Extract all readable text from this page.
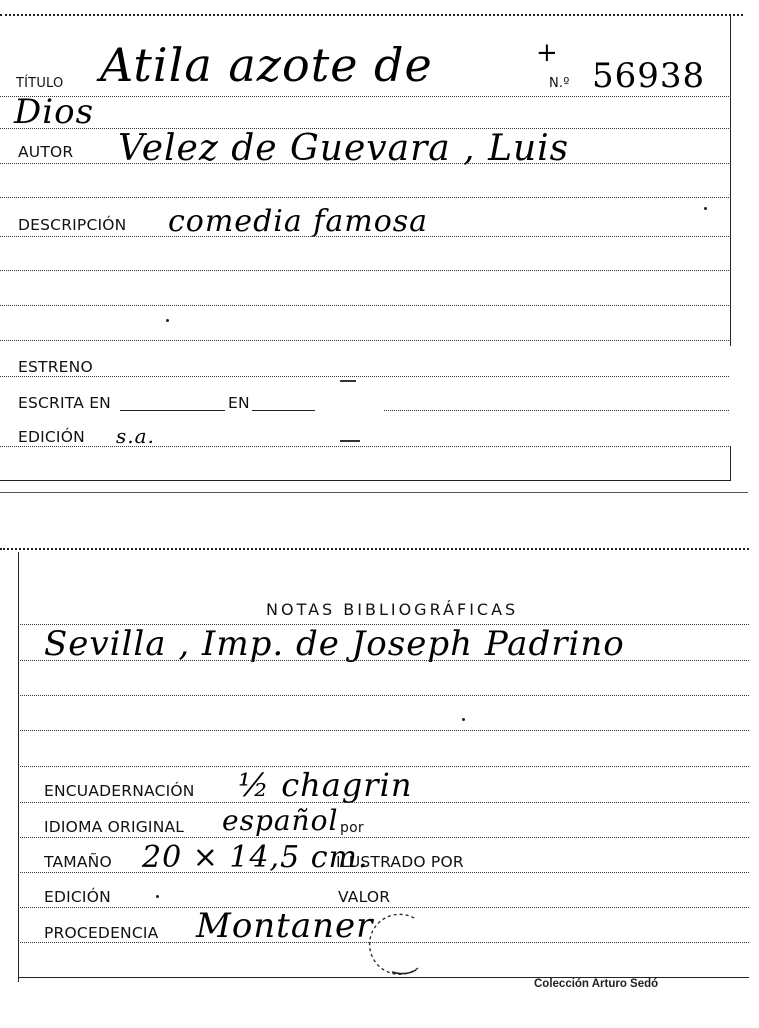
TÍTULO Atila azote de	+
N.º 56938
Dios
AUTOR Velez de Guevara , Luis
DESCRIPCIÓN comedia famosa
ESTRENO
ESCRITA EN	EN
EDICIÓN s.a.
NOTAS BIBLIOGRÁFICAS
Sevilla , Imp. de Joseph Padrino
ENCUADERNACIÓN ½ chagrin
IDIOMA ORIGINAL español por
TAMAÑO 20 × 14,5 cm.
ILUSTRADO POR
EDICIÓN	VALOR
PROCEDENCIA Montaner
Colección Arturo Sedó
